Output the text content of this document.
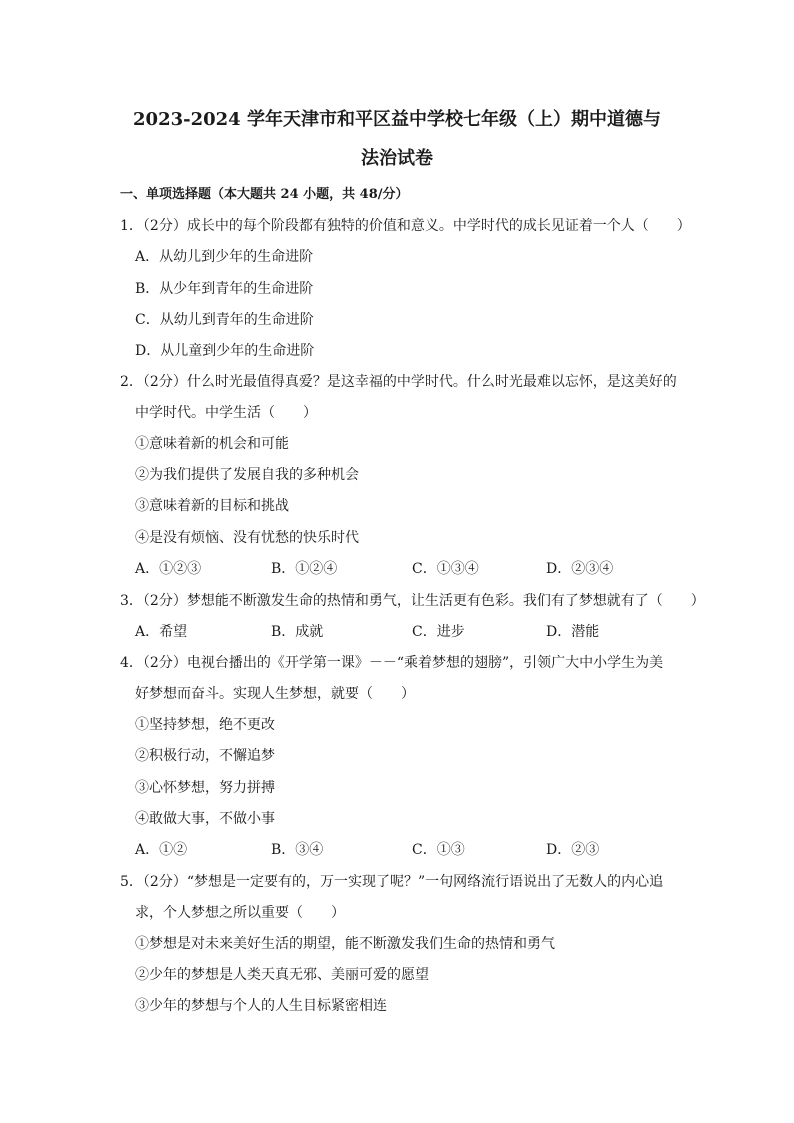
2023-2024 学年天津市和平区益中学校七年级（上）期中道德与
法治试卷
一、单项选择题（本大题共 24 小题，共 48/分）
1．（2分）成长中的每个阶段都有独特的价值和意义。中学时代的成长见证着一个人（　　）
A．从幼儿到少年的生命进阶
B．从少年到青年的生命进阶
C．从幼儿到青年的生命进阶
D．从儿童到少年的生命进阶
2．（2分）什么时光最值得真爱？是这幸福的中学时代。什么时光最难以忘怀，是这美好的
中学时代。中学生活（　　）
①意味着新的机会和可能
②为我们提供了发展自我的多种机会
③意味着新的目标和挑战
④是没有烦恼、没有忧愁的快乐时代
A．①②③	B．①②④	C．①③④	D．②③④
3．（2分）梦想能不断激发生命的热情和勇气，让生活更有色彩。我们有了梦想就有了（　　）
A．希望	B．成就	C．进步	D．潜能
4．（2分）电视台播出的《开学第一课》－－“乘着梦想的翅膀”，引领广大中小学生为美
好梦想而奋斗。实现人生梦想，就要（　　）
①坚持梦想，绝不更改
②积极行动，不懈追梦
③心怀梦想，努力拼搏
④敢做大事，不做小事
A．①②	B．③④	C．①③	D．②③
5．（2分）“梦想是一定要有的，万一实现了呢？”一句网络流行语说出了无数人的内心追
求，个人梦想之所以重要（　　）
①梦想是对未来美好生活的期望，能不断激发我们生命的热情和勇气
②少年的梦想是人类天真无邪、美丽可爱的愿望
③少年的梦想与个人的人生目标紧密相连
